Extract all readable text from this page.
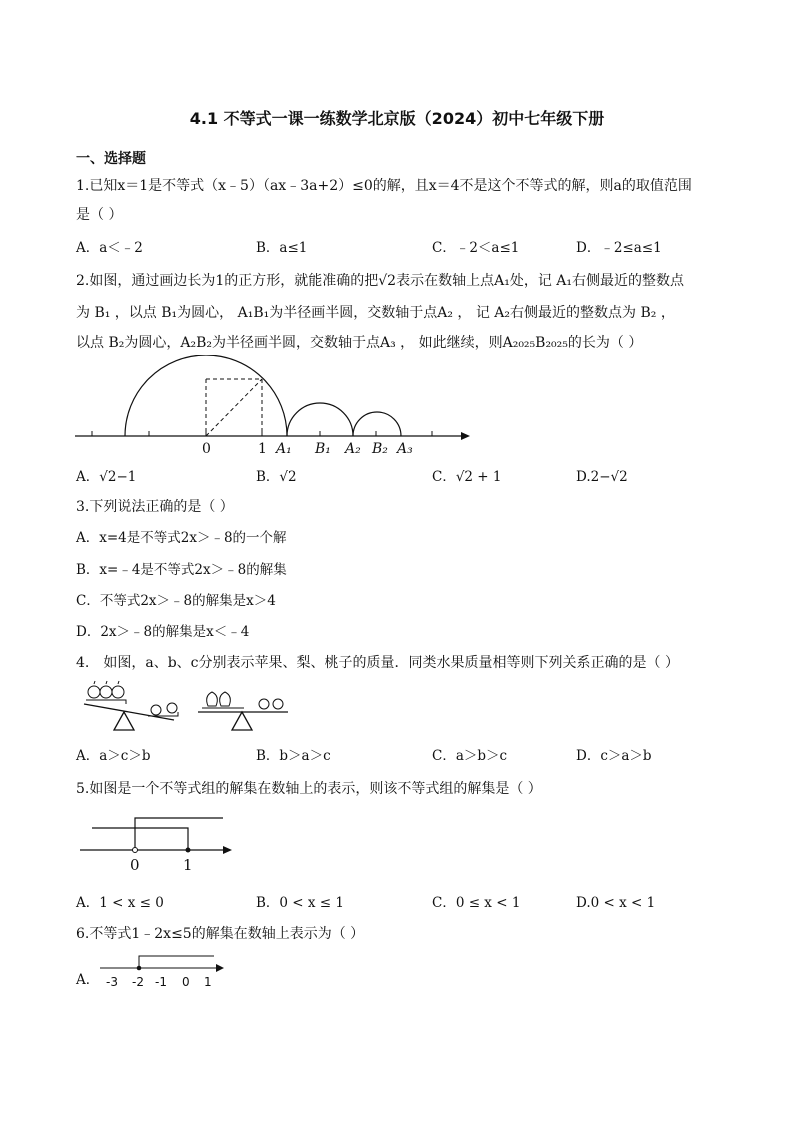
4.1 不等式一课一练数学北京版（2024）初中七年级下册
一、选择题
1.已知x＝1是不等式（x﹣5）（ax﹣3a+2）≤0的解，且x＝4不是这个不等式的解，则a的取值范围
是（ ）
A．a＜﹣2	B．a≤1	C．﹣2＜a≤1	D．﹣2≤a≤1
2.如图，通过画边长为1的正方形，就能准确的把√2表示在数轴上点A₁处，记 A₁右侧最近的整数点
为 B₁ ，以点 B₁为圆心， A₁B₁为半径画半圆，交数轴于点A₂ ， 记 A₂右侧最近的整数点为 B₂ ，
以点 B₂为圆心，A₂B₂为半径画半圆，交数轴于点A₃ ， 如此继续，则A₂₀₂₅B₂₀₂₅的长为（ ）
0	1 A₁ B₁ A₂ B₂ A₃
A．√2−1	B．√2	C．√2 + 1	D.2−√2
3.下列说法正确的是（ ）
A．x=4是不等式2x＞﹣8的一个解
B．x=﹣4是不等式2x＞﹣8的解集
C．不等式2x＞﹣8的解集是x＞4
D．2x＞﹣8的解集是x＜﹣4
4.　如图，a、b、c分别表示苹果、梨、桃子的质量．同类水果质量相等则下列关系正确的是（ ）
A．a＞c＞b	B．b＞a＞c	C．a＞b＞c	D．c＞a＞b
5.如图是一个不等式组的解集在数轴上的表示，则该不等式组的解集是（ ）
0	1
A．1 < x ≤ 0	B．0 < x ≤ 1	C．0 ≤ x < 1	D.0 < x < 1
6.不等式1﹣2x≤5的解集在数轴上表示为（ ）
A． -3 -2 -1 0 1
